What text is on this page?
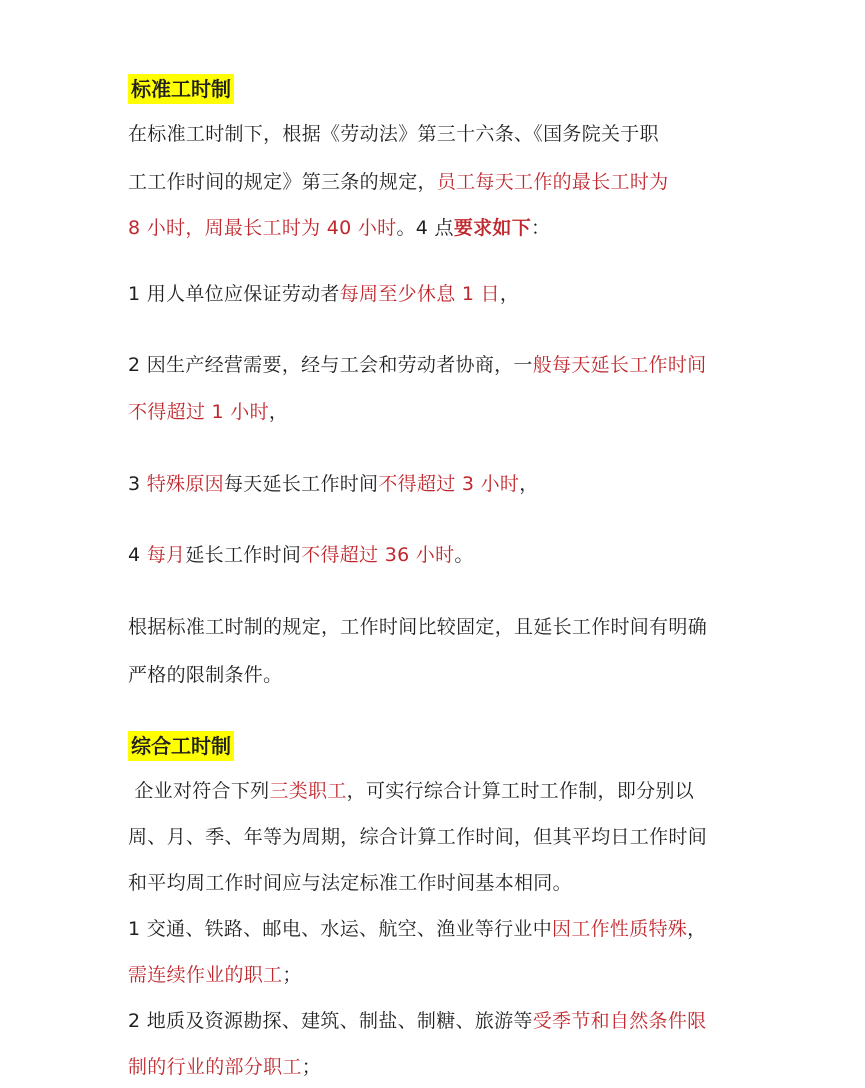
标准工时制
在标准工时制下，根据《劳动法》第三十六条、《国务院关于职
工工作时间的规定》第三条的规定，员工每天工作的最长工时为
8 小时，周最长工时为 40 小时。4 点要求如下：
1 用人单位应保证劳动者每周至少休息 1 日，
2 因生产经营需要，经与工会和劳动者协商，一般每天延长工作时间
不得超过 1 小时，
3 特殊原因每天延长工作时间不得超过 3 小时，
4 每月延长工作时间不得超过 36 小时。
根据标准工时制的规定，工作时间比较固定，且延长工作时间有明确
严格的限制条件。
综合工时制
企业对符合下列三类职工，可实行综合计算工时工作制，即分别以
周、月、季、年等为周期，综合计算工作时间，但其平均日工作时间
和平均周工作时间应与法定标准工作时间基本相同。
1 交通、铁路、邮电、水运、航空、渔业等行业中因工作性质特殊，
需连续作业的职工；
2 地质及资源勘探、建筑、制盐、制糖、旅游等受季节和自然条件限
制的行业的部分职工；
